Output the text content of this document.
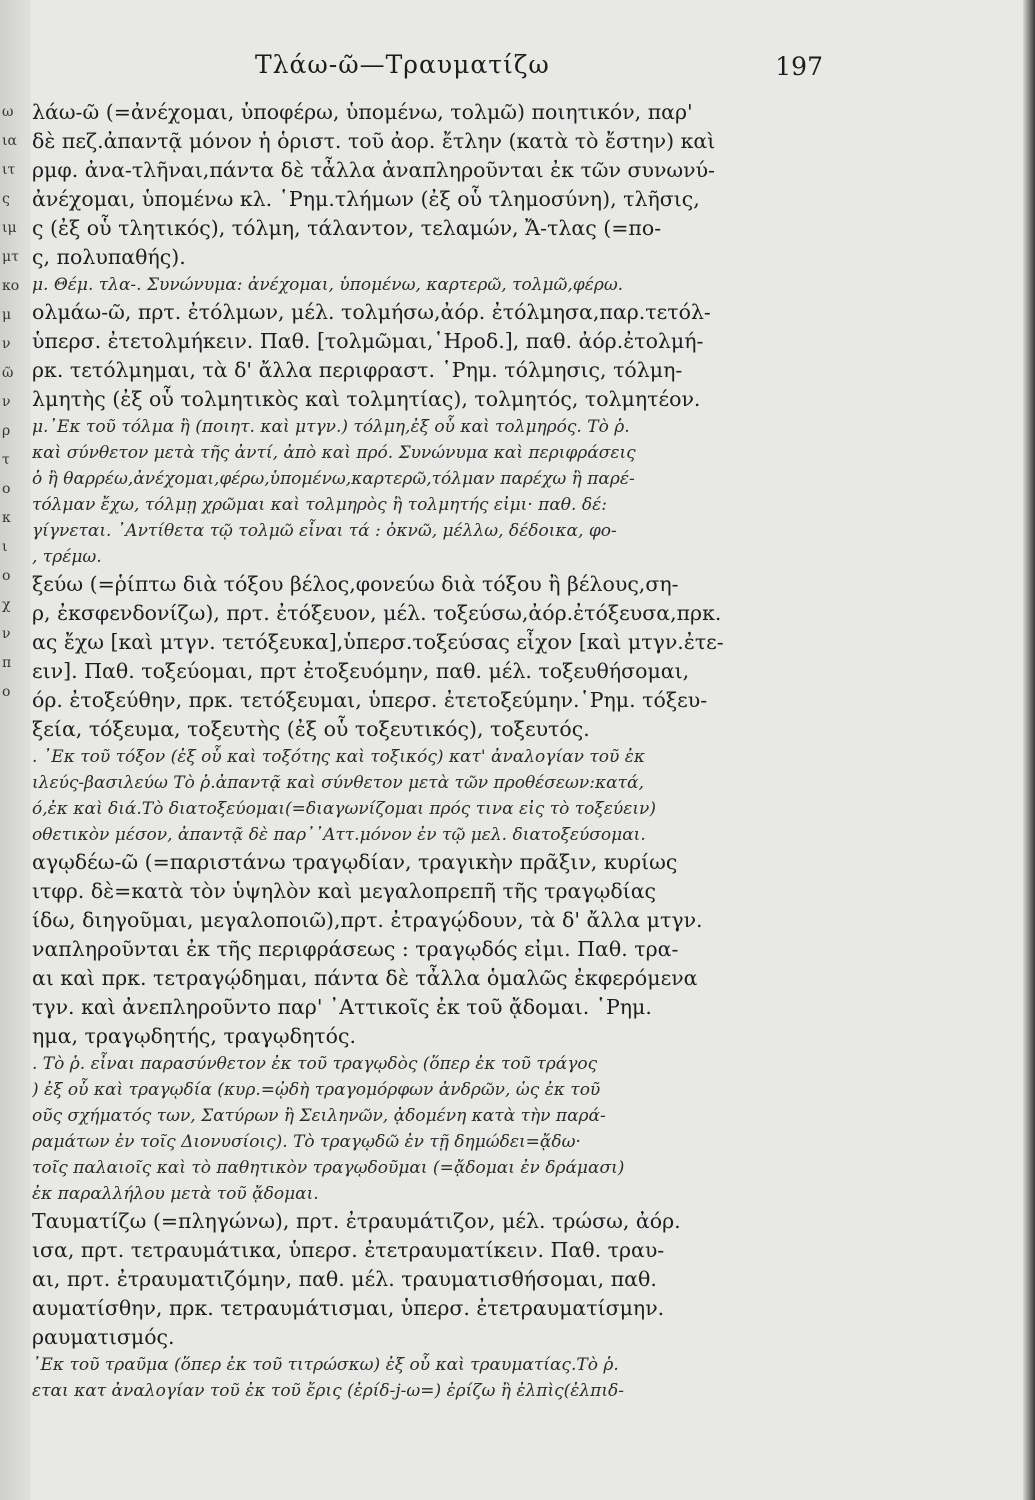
Τλάω-ῶ—Τραυματίζω	197
ω
ια
ιτ
ς
ιμ
μτ
κο
μ
ν
ῶ
ν
ρ
τ
ο
κ
ι
ο
χ
ν
π
ο
λάω-ῶ (=ἀνέχομαι, ὑποφέρω, ὑπομένω, τολμῶ) ποιητικόν, παρ'
δὲ πεζ.ἀπαντᾷ μόνον ἡ ὁριστ. τοῦ ἀορ. ἔτλην (κατὰ τὸ ἔστην) καὶ
ρμφ. ἀνα-τλῆναι,πάντα δὲ τἆλλα ἀναπληροῦνται ἐκ τῶν συνωνύ-
ἀνέχομαι, ὑπομένω κλ. ῾Ρημ.τλήμων (ἐξ οὗ τλημοσύνη), τλῆσις,
ς (ἐξ οὗ τλητικός), τόλμη, τάλαντον, τελαμών, Ἄ-τλας (=πο-
ς, πολυπαθής).
μ. Θέμ. τλα-. Συνώνυμα: ἀνέχομαι, ὑπομένω, καρτερῶ, τολμῶ,φέρω.
ολμάω-ῶ, πρτ. ἐτόλμων, μέλ. τολμήσω,ἀόρ. ἐτόλμησα,παρ.τετόλ-
ὑπερσ. ἐτετολμήκειν. Παθ. [τολμῶμαι,῾Ηροδ.], παθ. ἀόρ.ἐτολμή-
ρκ. τετόλμημαι, τὰ δ' ἄλλα περιφραστ. ῾Ρημ. τόλμησις, τόλμη-
λμητὴς (ἐξ οὗ τολμητικὸς καὶ τολμητίας), τολμητός, τολμητέον.
μ.᾿Εκ τοῦ τόλμα ἢ (ποιητ. καὶ μτγν.) τόλμη,ἐξ οὗ καὶ τολμηρός. Τὸ ῥ.
καὶ σύνθετον μετὰ τῆς ἀντί, ἀπὸ καὶ πρό. Συνώνυμα καὶ περιφράσεις
ὁ ἢ θαρρέω,ἀνέχομαι,φέρω,ὑπομένω,καρτερῶ,τόλμαν παρέχω ἢ παρέ-
τόλμαν ἔχω, τόλμῃ χρῶμαι καὶ τολμηρὸς ἢ τολμητής εἰμι· παθ. δέ:
γίγνεται. ᾿Αντίθετα τῷ τολμῶ εἶναι τά : ὀκνῶ, μέλλω, δέδοικα, φο-
, τρέμω.
ξεύω (=ῥίπτω διὰ τόξου βέλος,φονεύω διὰ τόξου ἢ βέλους,ση-
ρ, ἐκσφενδονίζω), πρτ. ἐτόξευον, μέλ. τοξεύσω,ἀόρ.ἐτόξευσα,πρκ.
ας ἔχω [καὶ μτγν. τετόξευκα],ὑπερσ.τοξεύσας εἶχον [καὶ μτγν.ἐτε-
ειν]. Παθ. τοξεύομαι, πρτ ἐτοξευόμην, παθ. μέλ. τοξευθήσομαι,
όρ. ἐτοξεύθην, πρκ. τετόξευμαι, ὑπερσ. ἐτετοξεύμην.῾Ρημ. τόξευ-
ξεία, τόξευμα, τοξευτὴς (ἐξ οὗ τοξευτικός), τοξευτός.
. ᾿Εκ τοῦ τόξον (ἐξ οὗ καὶ τοξότης καὶ τοξικός) κατ' ἀναλογίαν τοῦ ἐκ
ιλεύς-βασιλεύω Τὸ ῥ.ἀπαντᾷ καὶ σύνθετον μετὰ τῶν προθέσεων:κατά,
ό,ἐκ καὶ διά.Τὸ διατοξεύομαι(=διαγωνίζομαι πρός τινα εἰς τὸ τοξεύειν)
οθετικὸν μέσον, ἀπαντᾷ δὲ παρ᾿᾿Αττ.μόνον ἐν τῷ μελ. διατοξεύσομαι.
αγῳδέω-ῶ (=παριστάνω τραγῳδίαν, τραγικὴν πρᾶξιν, κυρίως
ιτφρ. δὲ=κατὰ τὸν ὑψηλὸν καὶ μεγαλοπρεπῆ τῆς τραγῳδίας
ίδω, διηγοῦμαι, μεγαλοποιῶ),πρτ. ἐτραγῴδουν, τὰ δ' ἄλλα μτγν.
ναπληροῦνται ἐκ τῆς περιφράσεως : τραγῳδός εἰμι. Παθ. τρα-
αι καὶ πρκ. τετραγῴδημαι, πάντα δὲ τἆλλα ὁμαλῶς ἐκφερόμενα
τγν. καὶ ἀνεπληροῦντο παρ' ᾿Αττικοῖς ἐκ τοῦ ᾄδομαι. ῾Ρημ.
ημα, τραγῳδητής, τραγῳδητός.
. Τὸ ῥ. εἶναι παρασύνθετον ἐκ τοῦ τραγῳδὸς (ὅπερ ἐκ τοῦ τράγος
) ἐξ οὗ καὶ τραγῳδία (κυρ.=ᾠδὴ τραγομόρφων ἀνδρῶν, ὡς ἐκ τοῦ
οῦς σχήματός των, Σατύρων ἢ Σειληνῶν, ᾀδομένη κατὰ τὴν παρά-
ραμάτων ἐν τοῖς Διονυσίοις). Τὸ τραγῳδῶ ἐν τῇ δημώδει=ᾄδω·
τοῖς παλαιοῖς καὶ τὸ παθητικὸν τραγῳδοῦμαι (=ᾄδομαι ἐν δράμασι)
ἐκ παραλλήλου μετὰ τοῦ ᾄδομαι.
Ταυματίζω (=πληγώνω), πρτ. ἐτραυμάτιζον, μέλ. τρώσω, ἀόρ.
ισα, πρτ. τετραυμάτικα, ὑπερσ. ἐτετραυματίκειν. Παθ. τραυ-
αι, πρτ. ἐτραυματιζόμην, παθ. μέλ. τραυματισθήσομαι, παθ.
αυματίσθην, πρκ. τετραυμάτισμαι, ὑπερσ. ἐτετραυματίσμην.
ραυματισμός.
᾿Εκ τοῦ τραῦμα (ὅπερ ἐκ τοῦ τιτρώσκω) ἐξ οὗ καὶ τραυματίας.Τὸ ῥ.
εται κατ ἀναλογίαν τοῦ ἐκ τοῦ ἔρις (ἐρίδ-j-ω=) ἐρίζω ἢ ἐλπὶς(ἐλπιδ-
